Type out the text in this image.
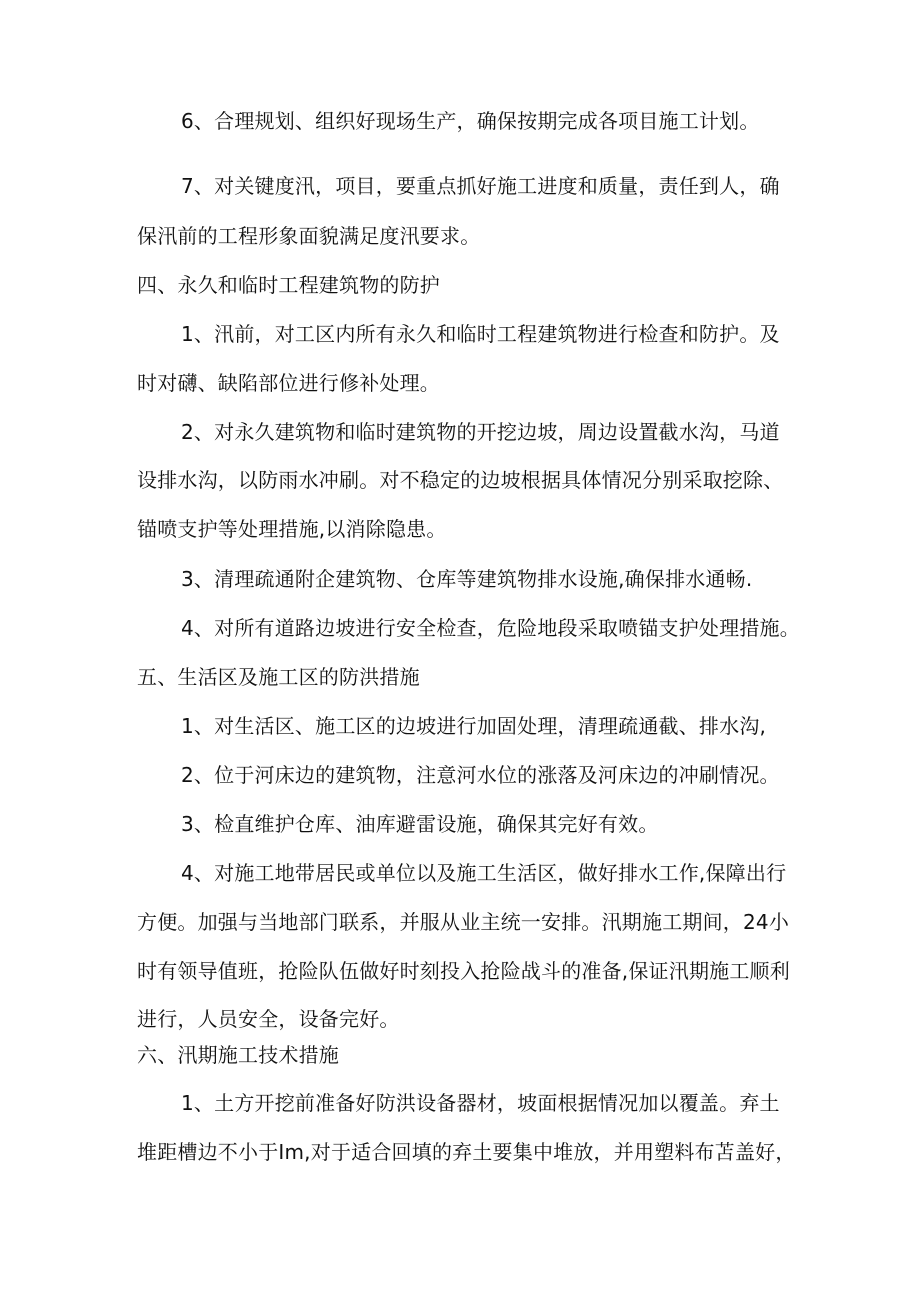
6、合理规划、组织好现场生产，确保按期完成各项目施工计划。
7、对关键度汛，项目，要重点抓好施工进度和质量，责任到人，确
保汛前的工程形象面貌满足度汛要求。
四、永久和临时工程建筑物的防护
1、汛前，对工区内所有永久和临时工程建筑物进行检查和防护。及
时对礴、缺陷部位进行修补处理。
2、对永久建筑物和临时建筑物的开挖边坡，周边设置截水沟，马道
设排水沟，以防雨水冲刷。对不稳定的边坡根据具体情况分别采取挖除、
锚喷支护等处理措施,以消除隐患。
3、清理疏通附企建筑物、仓库等建筑物排水设施,确保排水通畅.
4、对所有道路边坡进行安全检查，危险地段采取喷锚支护处理措施。
五、生活区及施工区的防洪措施
1、对生活区、施工区的边坡进行加固处理，清理疏通截、排水沟,
2、位于河床边的建筑物，注意河水位的涨落及河床边的冲刷情况。
3、检直维护仓库、油库避雷设施，确保其完好有效。
4、对施工地带居民或单位以及施工生活区，做好排水工作,保障出行
方便。加强与当地部门联系，并服从业主统一安排。汛期施工期间，24小
时有领导值班，抢险队伍做好时刻投入抢险战斗的准备,保证汛期施工顺利
进行，人员安全，设备完好。
六、汛期施工技术措施
1、土方开挖前准备好防洪设备器材，坡面根据情况加以覆盖。弃土
堆距槽边不小于Im,对于适合回填的弃土要集中堆放，并用塑料布苫盖好，
